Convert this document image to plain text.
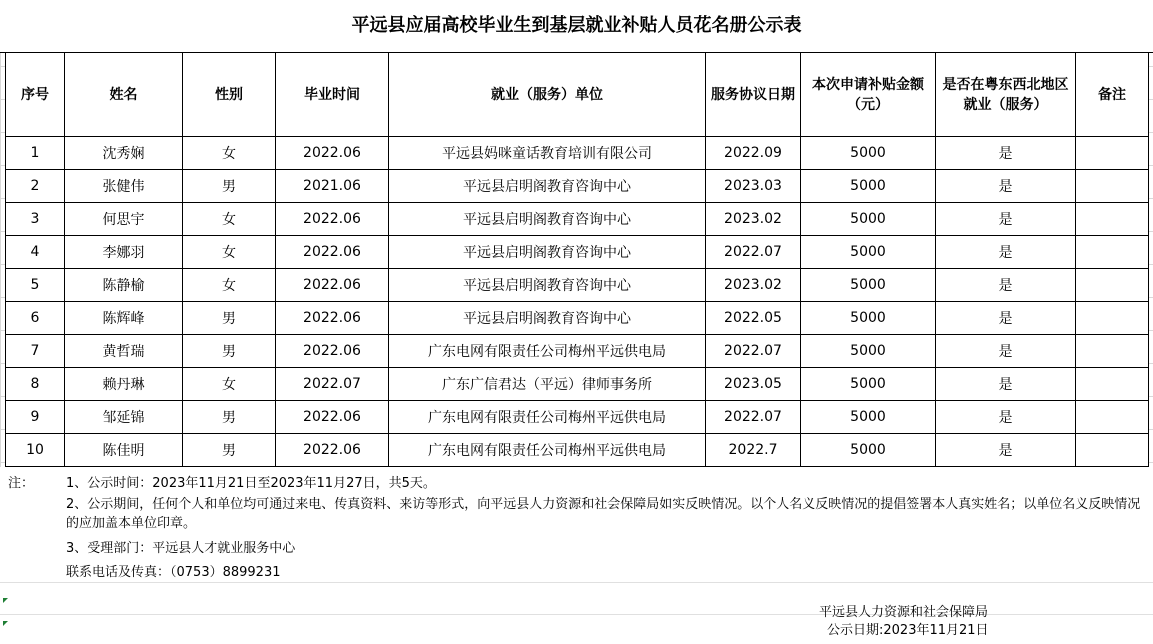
平远县应届高校毕业生到基层就业补贴人员花名册公示表
序号	姓名	性别	毕业时间	就业（服务）单位	服务协议日期	本次申请补贴金额（元）	是否在粤东西北地区就业（服务）	备注
1	沈秀娴	女	2022.06	平远县妈咪童话教育培训有限公司	2022.09	5000	是	
2	张健伟	男	2021.06	平远县启明阁教育咨询中心	2023.03	5000	是	
3	何思宇	女	2022.06	平远县启明阁教育咨询中心	2023.02	5000	是	
4	李娜羽	女	2022.06	平远县启明阁教育咨询中心	2022.07	5000	是	
5	陈静榆	女	2022.06	平远县启明阁教育咨询中心	2023.02	5000	是	
6	陈辉峰	男	2022.06	平远县启明阁教育咨询中心	2022.05	5000	是	
7	黄哲瑞	男	2022.06	广东电网有限责任公司梅州平远供电局	2022.07	5000	是	
8	赖丹琳	女	2022.07	广东广信君达（平远）律师事务所	2023.05	5000	是	
9	邹延锦	男	2022.06	广东电网有限责任公司梅州平远供电局	2022.07	5000	是	
10	陈佳明	男	2022.06	广东电网有限责任公司梅州平远供电局	2022.7	5000	是	
注： 1、公示时间：2023年11月21日至2023年11月27日，共5天。
2、公示期间，任何个人和单位均可通过来电、传真资料、来访等形式，向平远县人力资源和社会保障局如实反映情况。以个人名义反映情况的提倡签署本人真实姓名；以单位名义反映情况的应加盖本单位印章。
3、受理部门：平远县人才就业服务中心
联系电话及传真：（0753）8899231
平远县人力资源和社会保障局
公示日期:2023年11月21日
